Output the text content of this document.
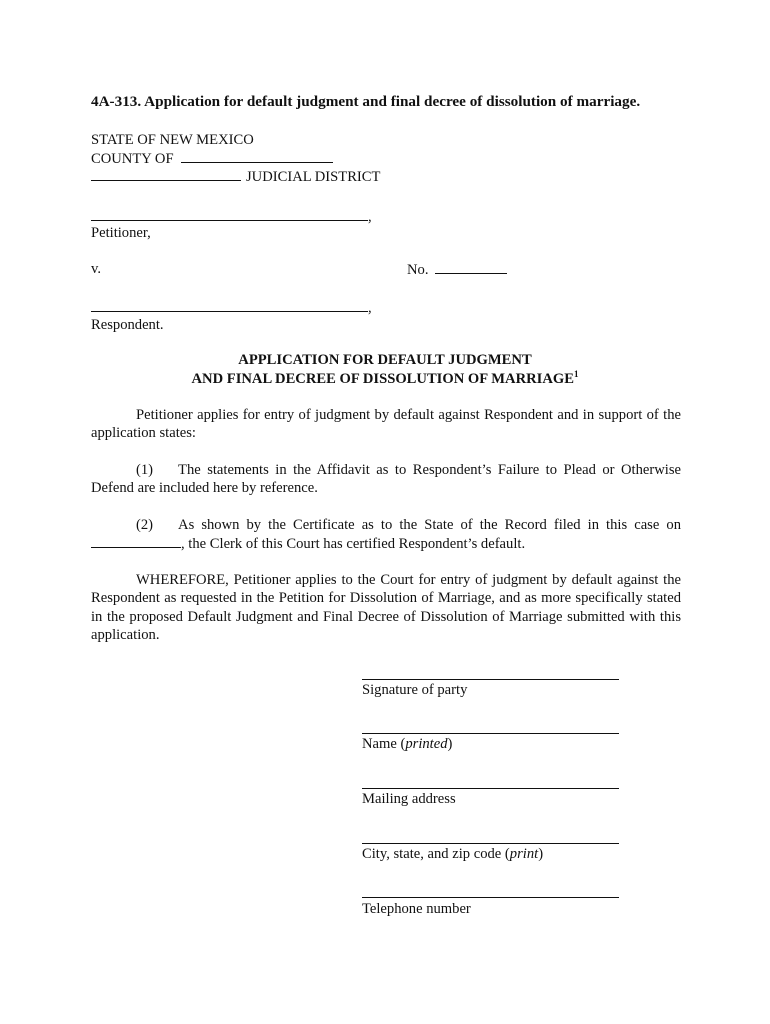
4A-313. Application for default judgment and final decree of dissolution of marriage.
STATE OF NEW MEXICO
COUNTY OF
JUDICIAL DISTRICT
,
Petitioner,
v.	No.
,
Respondent.
APPLICATION FOR DEFAULT JUDGMENT
AND FINAL DECREE OF DISSOLUTION OF MARRIAGE$^1$
Petitioner applies for entry of judgment by default against Respondent and in support of the application states:
(1) The statements in the Affidavit as to Respondent’s Failure to Plead or Otherwise Defend are included here by reference.
(2) As shown by the Certificate as to the State of the Record filed in this case on , the Clerk of this Court has certified Respondent’s default.
WHEREFORE, Petitioner applies to the Court for entry of judgment by default against the Respondent as requested in the Petition for Dissolution of Marriage, and as more specifically stated in the proposed Default Judgment and Final Decree of Dissolution of Marriage submitted with this application.
Signature of party
Name (printed)
Mailing address
City, state, and zip code (print)
Telephone number
